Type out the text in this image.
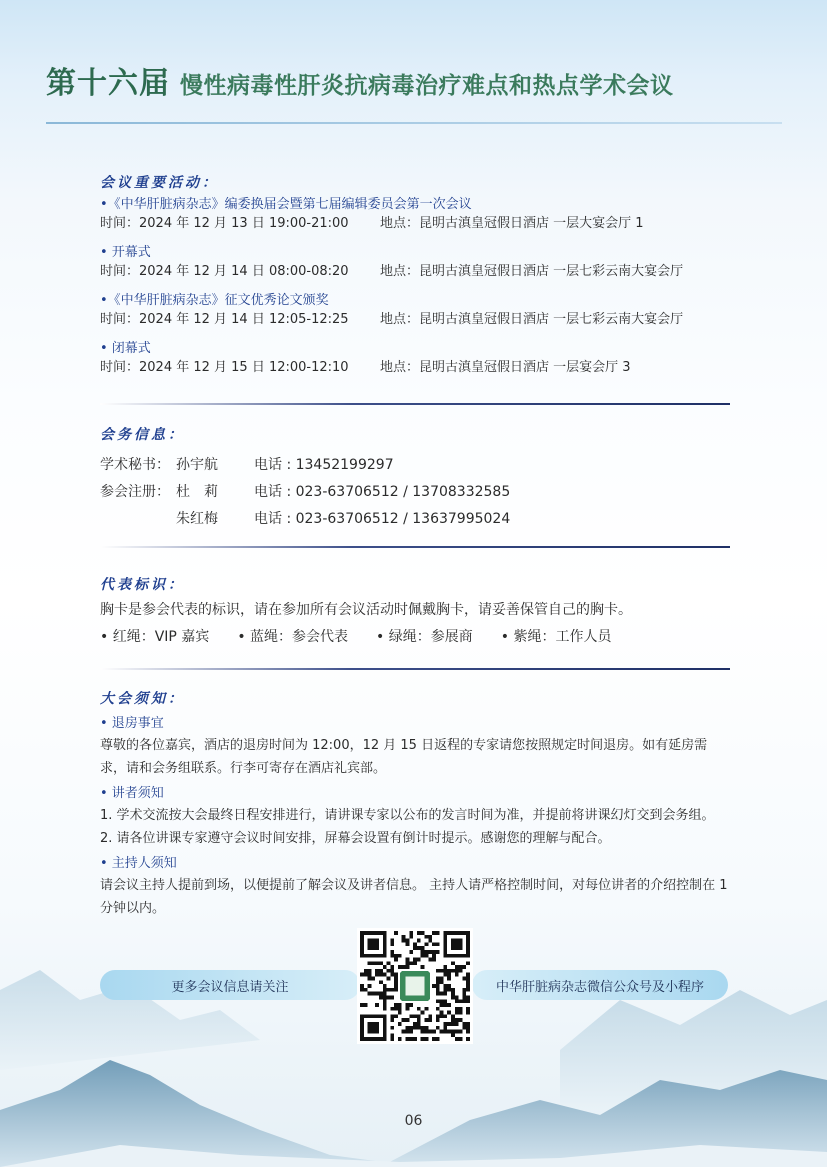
第十六届 慢性病毒性肝炎抗病毒治疗难点和热点学术会议
会议重要活动：
•《中华肝脏病杂志》编委换届会暨第七届编辑委员会第一次会议
时间：2024 年 12 月 13 日 19:00-21:00	地点：昆明古滇皇冠假日酒店 一层大宴会厅 1
• 开幕式
时间：2024 年 12 月 14 日 08:00-08:20	地点：昆明古滇皇冠假日酒店 一层七彩云南大宴会厅
•《中华肝脏病杂志》征文优秀论文颁奖
时间：2024 年 12 月 14 日 12:05-12:25	地点：昆明古滇皇冠假日酒店 一层七彩云南大宴会厅
• 闭幕式
时间：2024 年 12 月 15 日 12:00-12:10	地点：昆明古滇皇冠假日酒店 一层宴会厅 3
会务信息：
学术秘书： 孙宇航	电话 : 13452199297
参会注册： 杜　莉	电话 : 023-63706512 / 13708332585
朱红梅	电话 : 023-63706512 / 13637995024
代表标识：
胸卡是参会代表的标识，请在参加所有会议活动时佩戴胸卡，请妥善保管自己的胸卡。
• 红绳：VIP 嘉宾 • 蓝绳：参会代表 • 绿绳：参展商 • 紫绳：工作人员
大会须知：
• 退房事宜
尊敬的各位嘉宾，酒店的退房时间为 12:00，12 月 15 日返程的专家请您按照规定时间退房。如有延房需求，请和会务组联系。行李可寄存在酒店礼宾部。
• 讲者须知
1. 学术交流按大会最终日程安排进行，请讲课专家以公布的发言时间为准，并提前将讲课幻灯交到会务组。
2. 请各位讲课专家遵守会议时间安排，屏幕会设置有倒计时提示。感谢您的理解与配合。
• 主持人须知
请会议主持人提前到场，以便提前了解会议及讲者信息。 主持人请严格控制时间，对每位讲者的介绍控制在 1 分钟以内。
更多会议信息请关注	中华肝脏病杂志微信公众号及小程序
06
